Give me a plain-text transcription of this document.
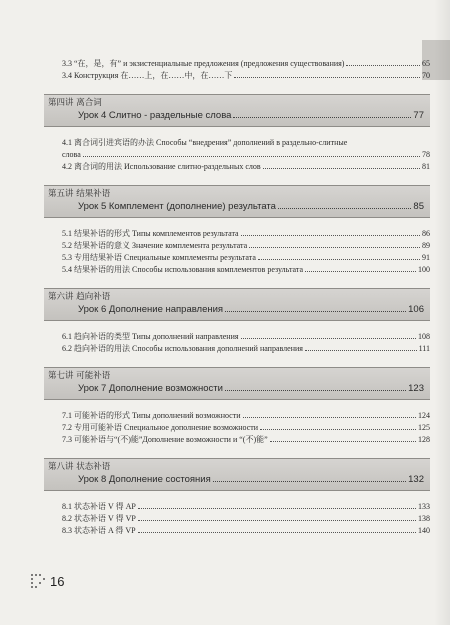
3.3 “在，是，有” и экзистенциальные предложения (предложения существования)	65
3.4 Конструкция 在……上，在……中，在……下	70
第四讲 离合词
Урок 4 Слитно - раздельные слова	77
4.1 离合词引进宾语的办法 Способы “внедрения” дополнений в раздельно-слитные
слова	78
4.2 离合词的用法 Использование слитно-раздельных слов	81
第五讲 结果补语
Урок 5 Комплемент (дополнение) результата	85
5.1 结果补语的形式 Типы комплементов результата	86
5.2 结果补语的意义 Значение комплемента результата	89
5.3 专用结果补语 Специальные комплементы результата	91
5.4 结果补语的用法 Способы использования комплементов результата	100
第六讲 趋向补语
Урок 6 Дополнение направления	106
6.1 趋向补语的类型 Типы дополнений направления	108
6.2 趋向补语的用法 Способы использования дополнений направления	111
第七讲 可能补语
Урок 7 Дополнение возможности	123
7.1 可能补语的形式 Типы дополнений возможности	124
7.2 专用可能补语 Специальное дополнение возможности	125
7.3 可能补语与“(不)能”Дополнение возможности и “(不)能”	128
第八讲 状态补语
Урок 8 Дополнение состояния	132
8.1 状态补语 V 得 AP	133
8.2 状态补语 V 得 VP	138
8.3 状态补语 A 得 VP	140
16
